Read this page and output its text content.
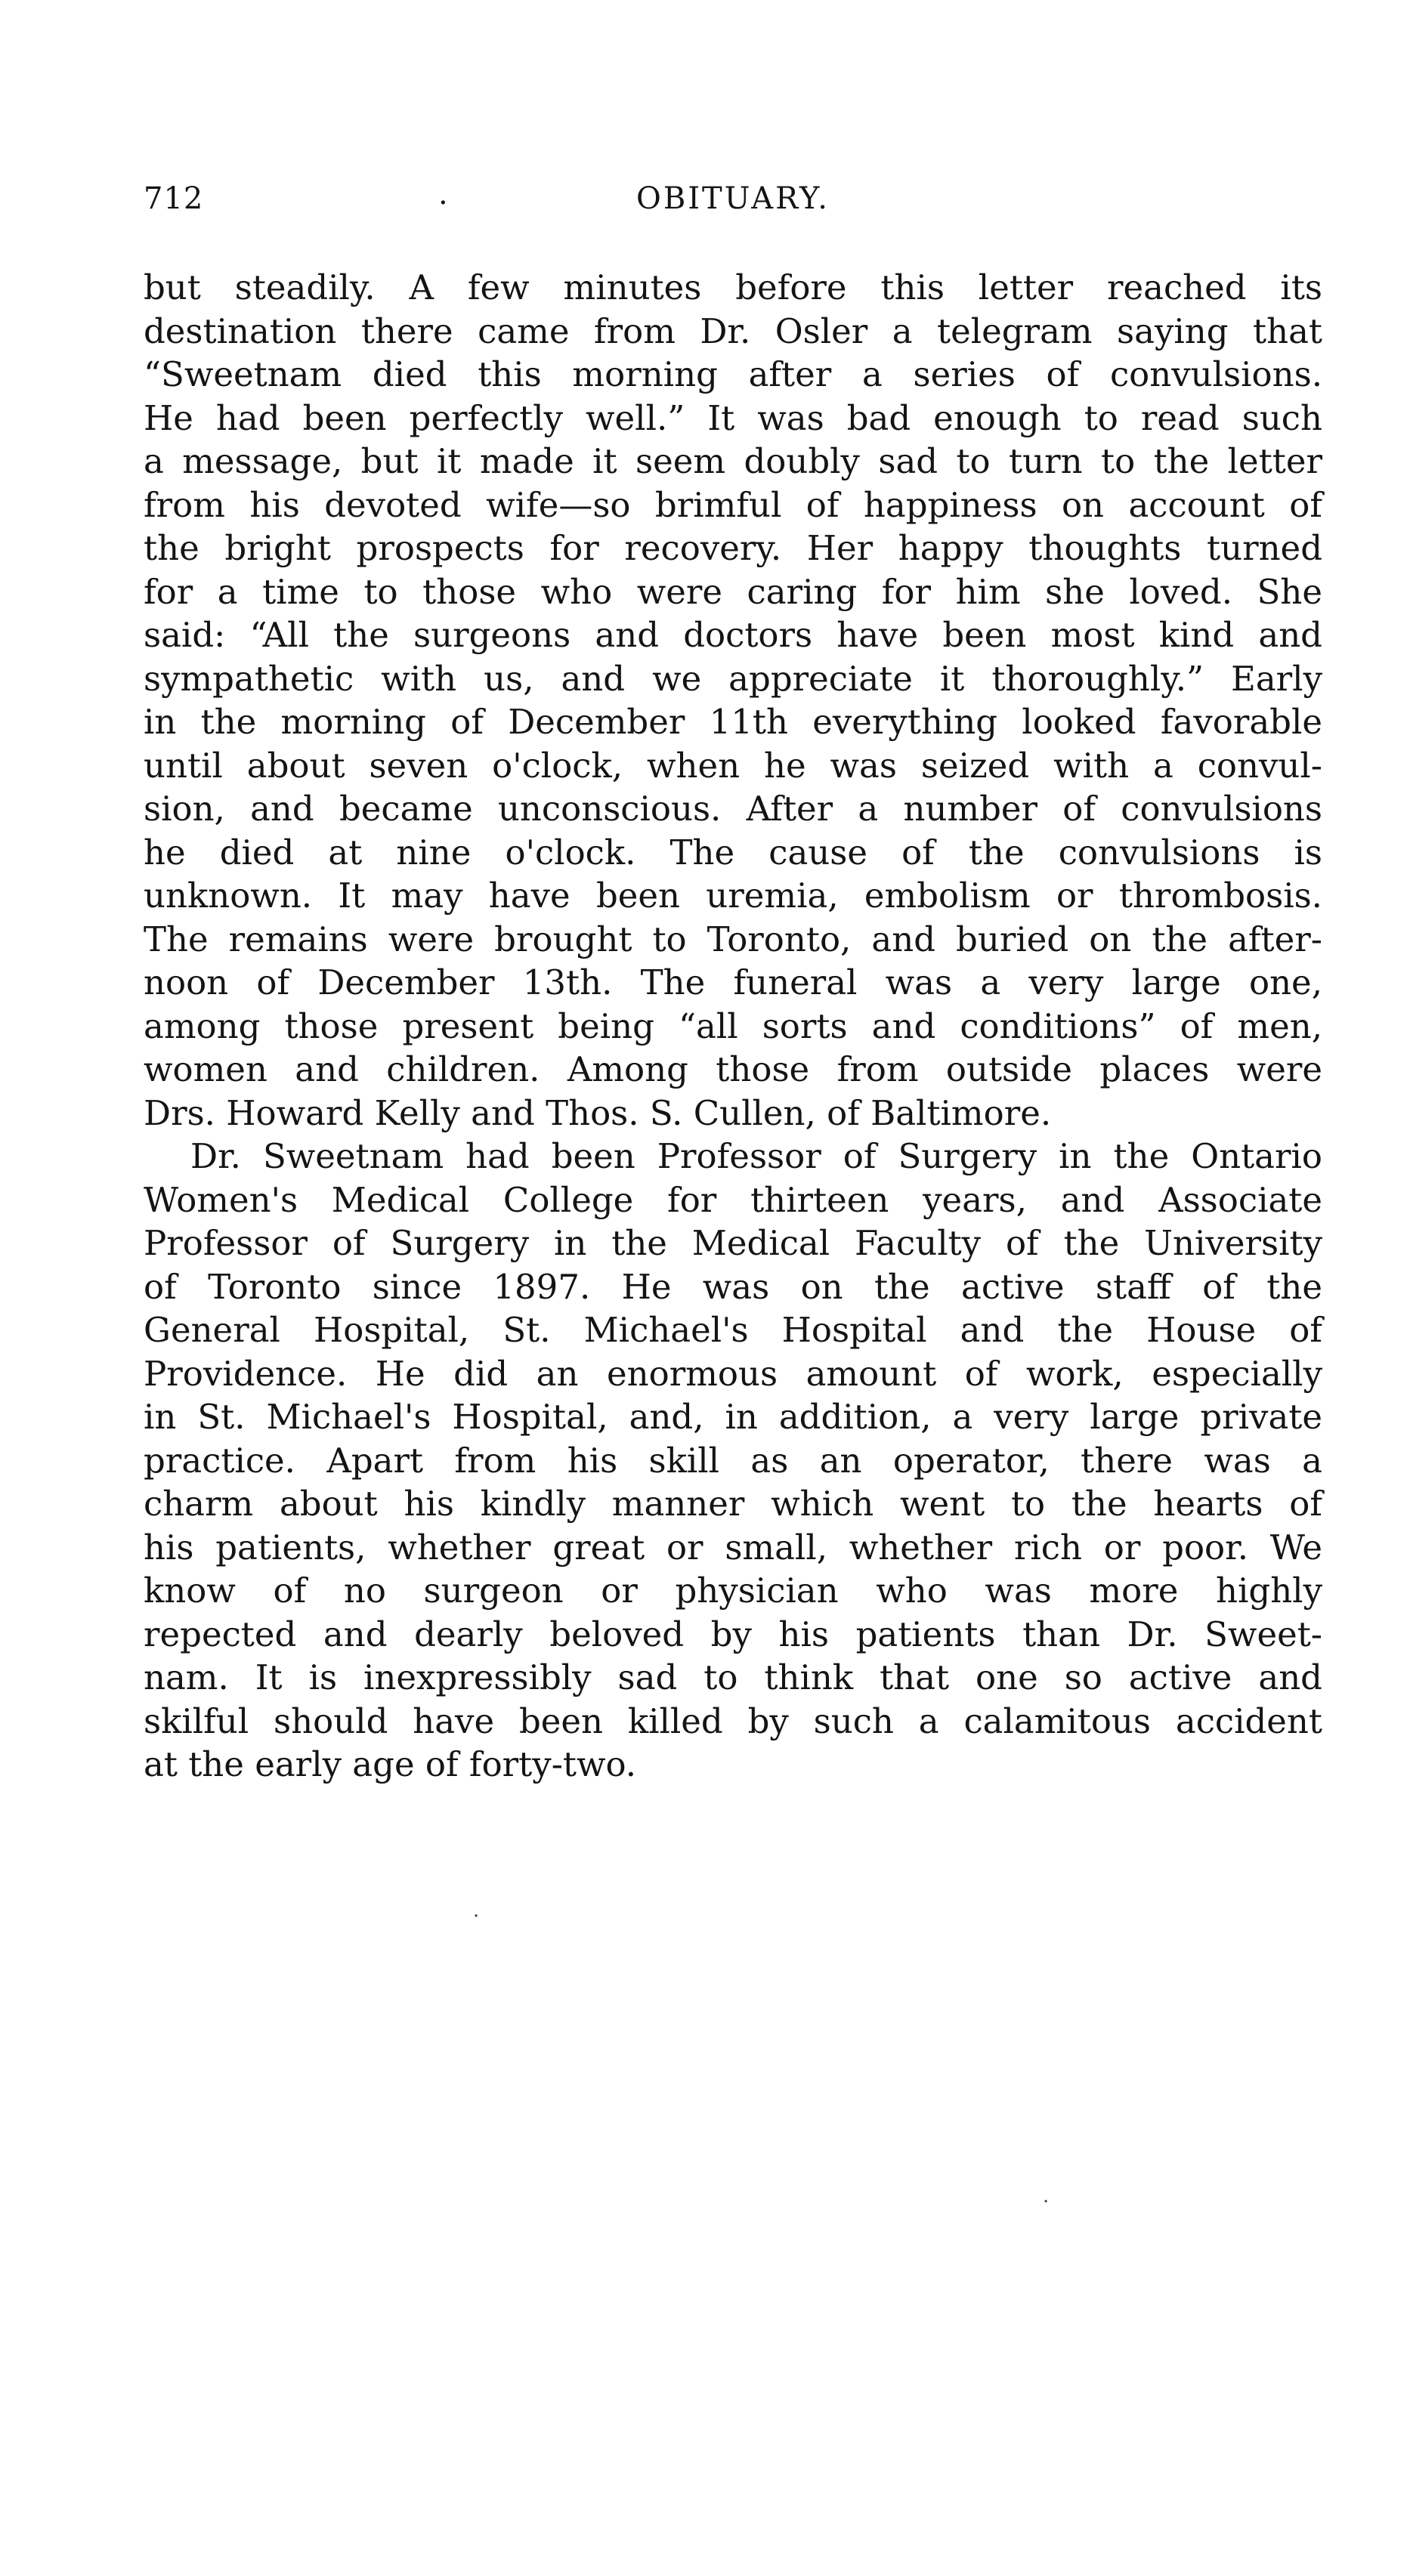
712	.	OBITUARY.
but steadily. A few minutes before this letter reached its
destination there came from Dr. Osler a telegram saying that
“Sweetnam died this morning after a series of convulsions.
He had been perfectly well.” It was bad enough to read such
a message, but it made it seem doubly sad to turn to the letter
from his devoted wife—so brimful of happiness on account of
the bright prospects for recovery. Her happy thoughts turned
for a time to those who were caring for him she loved. She
said: “All the surgeons and doctors have been most kind and
sympathetic with us, and we appreciate it thoroughly.” Early
in the morning of December 11th everything looked favorable
until about seven o'clock, when he was seized with a convul-
sion, and became unconscious. After a number of convulsions
he died at nine o'clock. The cause of the convulsions is
unknown. It may have been uremia, embolism or thrombosis.
The remains were brought to Toronto, and buried on the after-
noon of December 13th. The funeral was a very large one,
among those present being “all sorts and conditions” of men,
women and children. Among those from outside places were
Drs. Howard Kelly and Thos. S. Cullen, of Baltimore.
Dr. Sweetnam had been Professor of Surgery in the Ontario
Women's Medical College for thirteen years, and Associate
Professor of Surgery in the Medical Faculty of the University
of Toronto since 1897. He was on the active staff of the
General Hospital, St. Michael's Hospital and the House of
Providence. He did an enormous amount of work, especially
in St. Michael's Hospital, and, in addition, a very large private
practice. Apart from his skill as an operator, there was a
charm about his kindly manner which went to the hearts of
his patients, whether great or small, whether rich or poor. We
know of no surgeon or physician who was more highly
repected and dearly beloved by his patients than Dr. Sweet-
nam. It is inexpressibly sad to think that one so active and
skilful should have been killed by such a calamitous accident
at the early age of forty-two.
·
·
